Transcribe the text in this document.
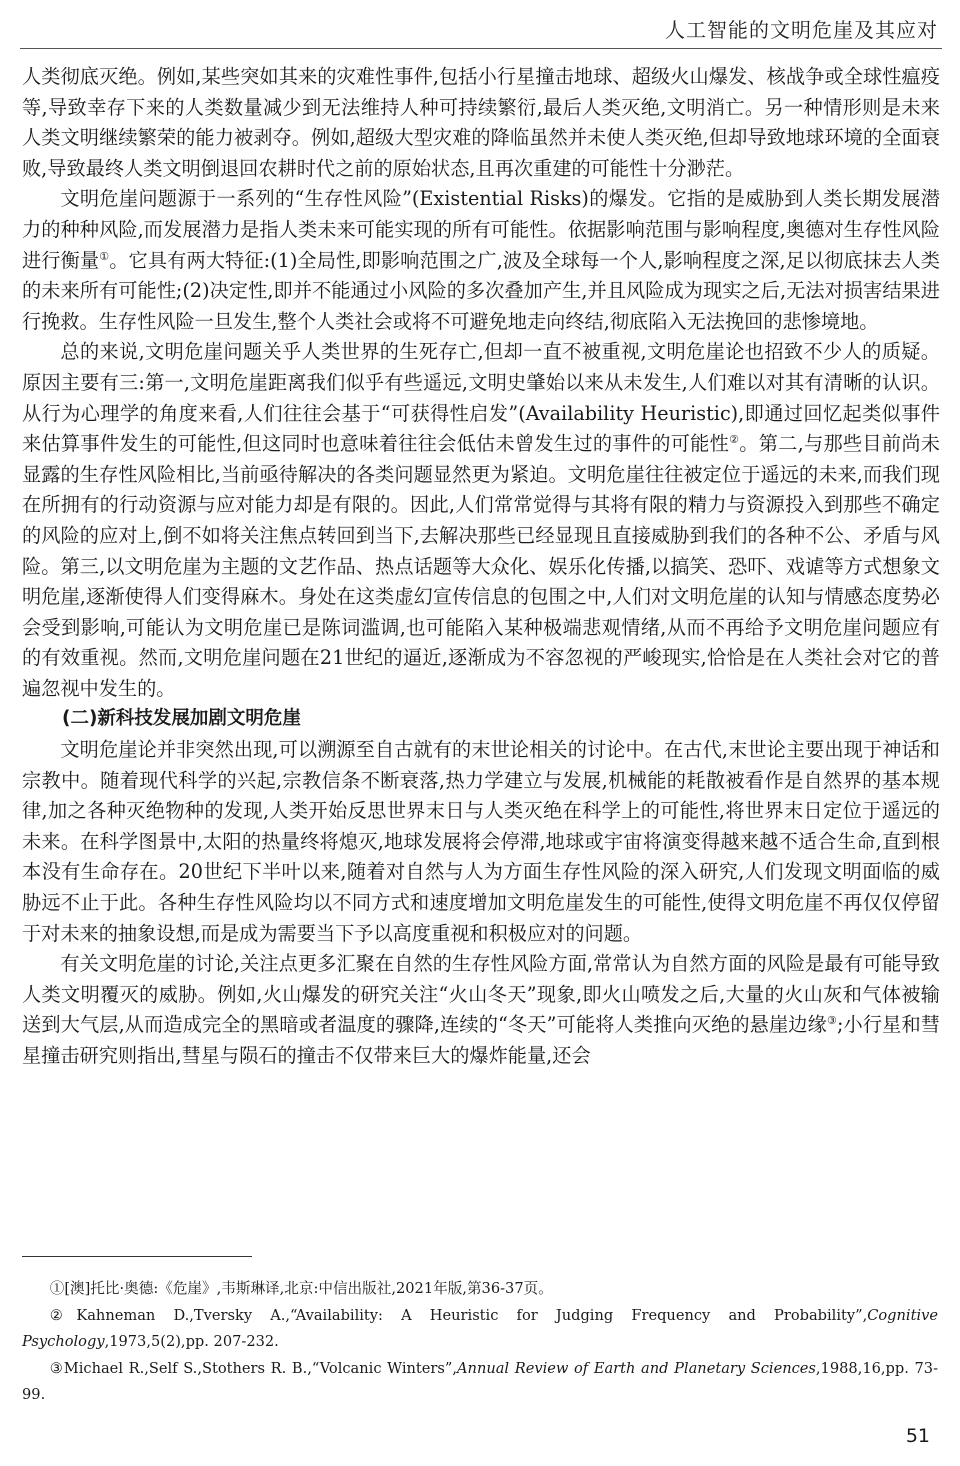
人工智能的文明危崖及其应对

人类彻底灭绝。例如,某些突如其来的灾难性事件,包括小行星撞击地球、超级火山爆发、核战争或全球性瘟疫等,导致幸存下来的人类数量减少到无法维持人种可持续繁衍,最后人类灭绝,文明消亡。另一种情形则是未来人类文明继续繁荣的能力被剥夺。例如,超级大型灾难的降临虽然并未使人类灭绝,但却导致地球环境的全面衰败,导致最终人类文明倒退回农耕时代之前的原始状态,且再次重建的可能性十分渺茫。

文明危崖问题源于一系列的“生存性风险”(Existential Risks)的爆发。它指的是威胁到人类长期发展潜力的种种风险,而发展潜力是指人类未来可能实现的所有可能性。依据影响范围与影响程度,奥德对生存性风险进行衡量①。它具有两大特征:(1)全局性,即影响范围之广,波及全球每一个人,影响程度之深,足以彻底抹去人类的未来所有可能性;(2)决定性,即并不能通过小风险的多次叠加产生,并且风险成为现实之后,无法对损害结果进行挽救。生存性风险一旦发生,整个人类社会或将不可避免地走向终结,彻底陷入无法挽回的悲惨境地。

总的来说,文明危崖问题关乎人类世界的生死存亡,但却一直不被重视,文明危崖论也招致不少人的质疑。原因主要有三:第一,文明危崖距离我们似乎有些遥远,文明史肇始以来从未发生,人们难以对其有清晰的认识。从行为心理学的角度来看,人们往往会基于“可获得性启发”(Availability Heuristic),即通过回忆起类似事件来估算事件发生的可能性,但这同时也意味着往往会低估未曾发生过的事件的可能性②。第二,与那些目前尚未显露的生存性风险相比,当前亟待解决的各类问题显然更为紧迫。文明危崖往往被定位于遥远的未来,而我们现在所拥有的行动资源与应对能力却是有限的。因此,人们常常觉得与其将有限的精力与资源投入到那些不确定的风险的应对上,倒不如将关注焦点转回到当下,去解决那些已经显现且直接威胁到我们的各种不公、矛盾与风险。第三,以文明危崖为主题的文艺作品、热点话题等大众化、娱乐化传播,以搞笑、恐吓、戏谑等方式想象文明危崖,逐渐使得人们变得麻木。身处在这类虚幻宣传信息的包围之中,人们对文明危崖的认知与情感态度势必会受到影响,可能认为文明危崖已是陈词滥调,也可能陷入某种极端悲观情绪,从而不再给予文明危崖问题应有的有效重视。然而,文明危崖问题在21世纪的逼近,逐渐成为不容忽视的严峻现实,恰恰是在人类社会对它的普遍忽视中发生的。

(二)新科技发展加剧文明危崖

文明危崖论并非突然出现,可以溯源至自古就有的末世论相关的讨论中。在古代,末世论主要出现于神话和宗教中。随着现代科学的兴起,宗教信条不断衰落,热力学建立与发展,机械能的耗散被看作是自然界的基本规律,加之各种灭绝物种的发现,人类开始反思世界末日与人类灭绝在科学上的可能性,将世界末日定位于遥远的未来。在科学图景中,太阳的热量终将熄灭,地球发展将会停滞,地球或宇宙将演变得越来越不适合生命,直到根本没有生命存在。20世纪下半叶以来,随着对自然与人为方面生存性风险的深入研究,人们发现文明面临的威胁远不止于此。各种生存性风险均以不同方式和速度增加文明危崖发生的可能性,使得文明危崖不再仅仅停留于对未来的抽象设想,而是成为需要当下予以高度重视和积极应对的问题。

有关文明危崖的讨论,关注点更多汇聚在自然的生存性风险方面,常常认为自然方面的风险是最有可能导致人类文明覆灭的威胁。例如,火山爆发的研究关注“火山冬天”现象,即火山喷发之后,大量的火山灰和气体被输送到大气层,从而造成完全的黑暗或者温度的骤降,连续的“冬天”可能将人类推向灭绝的悬崖边缘③;小行星和彗星撞击研究则指出,彗星与陨石的撞击不仅带来巨大的爆炸能量,还会

①[澳]托比·奥德:《危崖》,韦斯琳译,北京:中信出版社,2021年版,第36-37页。

②Kahneman D.,Tversky A.,“Availability: A Heuristic for Judging Frequency and Probability”,Cognitive Psychology,1973,5(2),pp. 207-232.

③Michael R.,Self S.,Stothers R. B.,“Volcanic Winters”,Annual Review of Earth and Planetary Sciences,1988,16,pp. 73-99.

51
